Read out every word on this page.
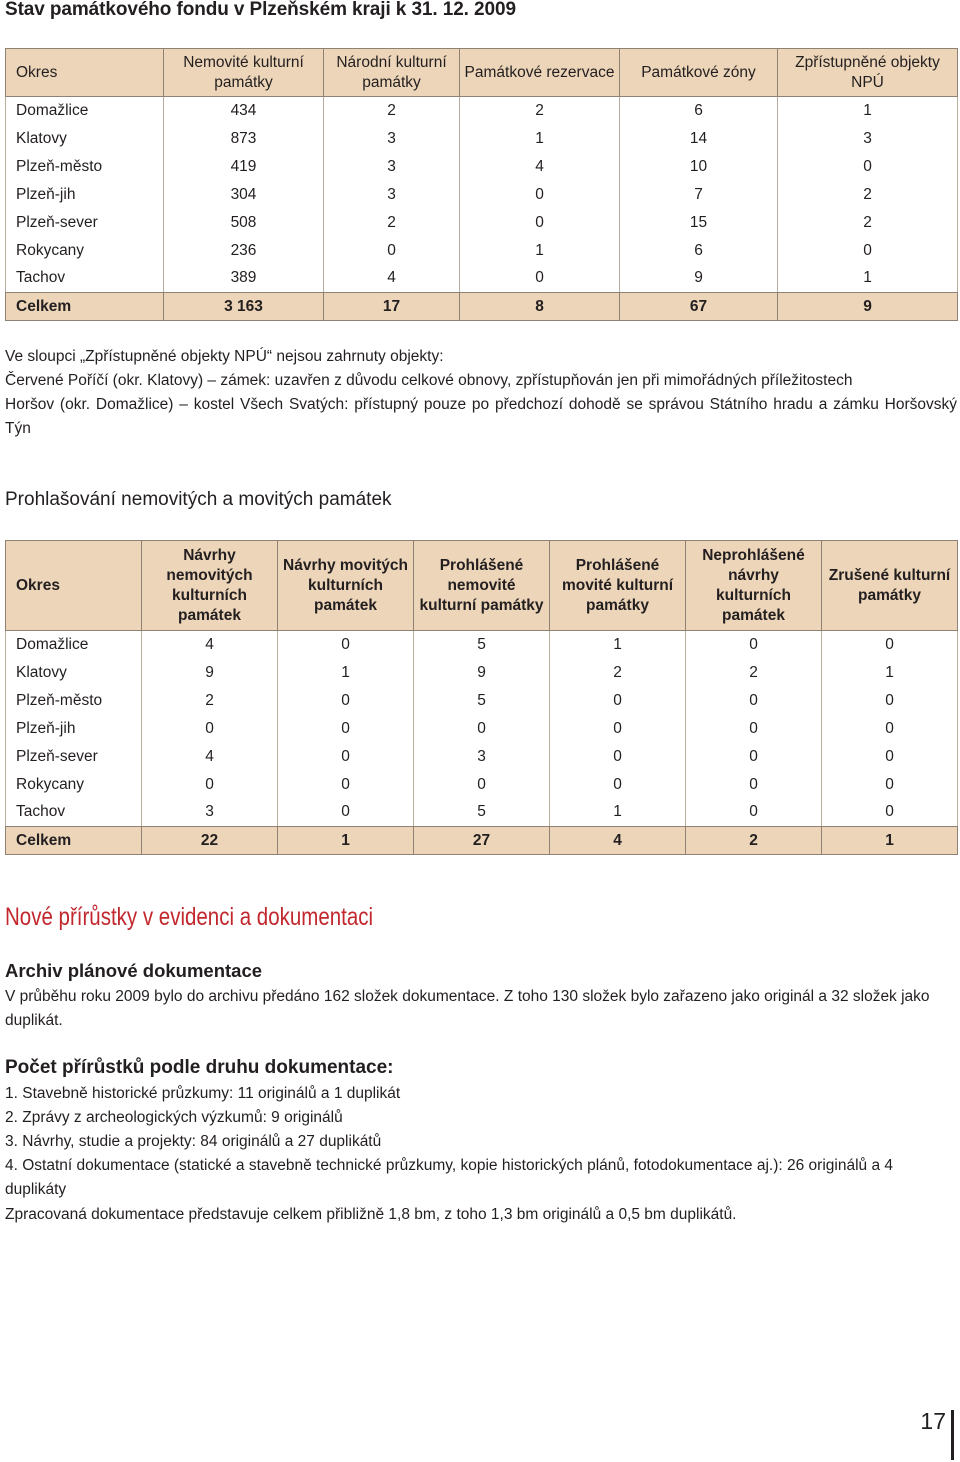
Stav památkového fondu v Plzeňském kraji k 31. 12. 2009
Okres	Nemovité kulturní památky	Národní kulturní památky	Památkové rezervace	Památkové zóny	Zpřístupněné objekty NPÚ
Domažlice	434	2	2	6	1
Klatovy	873	3	1	14	3
Plzeň-město	419	3	4	10	0
Plzeň-jih	304	3	0	7	2
Plzeň-sever	508	2	0	15	2
Rokycany	236	0	1	6	0
Tachov	389	4	0	9	1
Celkem	3 163	17	8	67	9

Ve sloupci „Zpřístupněné objekty NPÚ“ nejsou zahrnuty objekty:

Červené Poříčí (okr. Klatovy) – zámek: uzavřen z důvodu celkové obnovy, zpřístupňován jen při mimořádných příležitostech

Horšov (okr. Domažlice) – kostel Všech Svatých: přístupný pouze po předchozí dohodě se správou Státního hradu a zámku Horšovský Týn

Prohlašování nemovitých a movitých památek
Okres	Návrhy nemovitých kulturních památek	Návrhy movitých kulturních památek	Prohlášené nemovité kulturní památky	Prohlášené movité kulturní památky	Neprohlášené návrhy kulturních památek	Zrušené kulturní památky
Domažlice	4	0	5	1	0	0
Klatovy	9	1	9	2	2	1
Plzeň-město	2	0	5	0	0	0
Plzeň-jih	0	0	0	0	0	0
Plzeň-sever	4	0	3	0	0	0
Rokycany	0	0	0	0	0	0
Tachov	3	0	5	1	0	0
Celkem	22	1	27	4	2	1
Nové přírůstky v evidenci a dokumentaci
Archiv plánové dokumentace

V průběhu roku 2009 bylo do archivu předáno 162 složek dokumentace. Z toho 130 složek bylo zařazeno jako originál a 32 složek jako duplikát.

Počet přírůstků podle druhu dokumentace:

1. Stavebně historické průzkumy: 11 originálů a 1 duplikát

2. Zprávy z archeologických výzkumů: 9 originálů

3. Návrhy, studie a projekty: 84 originálů a 27 duplikátů

4. Ostatní dokumentace (statické a stavebně technické průzkumy, kopie historických plánů, fotodokumentace aj.): 26 originálů a 4 duplikáty

Zpracovaná dokumentace představuje celkem přibližně 1,8 bm, z toho 1,3 bm originálů a 0,5 bm duplikátů.

17
